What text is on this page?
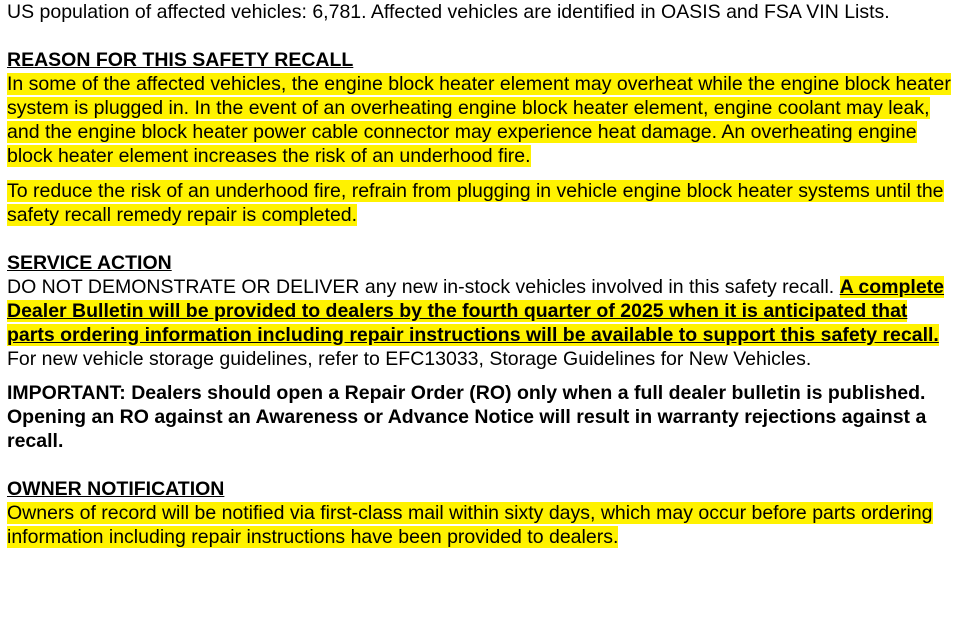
US population of affected vehicles: 6,781. Affected vehicles are identified in OASIS and FSA VIN Lists.

REASON FOR THIS SAFETY RECALL

In some of the affected vehicles, the engine block heater element may overheat while the engine block heater system is plugged in. In the event of an overheating engine block heater element, engine coolant may leak, and the engine block heater power cable connector may experience heat damage. An overheating engine block heater element increases the risk of an underhood fire.

To reduce the risk of an underhood fire, refrain from plugging in vehicle engine block heater systems until the safety recall remedy repair is completed.

SERVICE ACTION

DO NOT DEMONSTRATE OR DELIVER any new in-stock vehicles involved in this safety recall. A complete Dealer Bulletin will be provided to dealers by the fourth quarter of 2025 when it is anticipated that parts ordering information including repair instructions will be available to support this safety recall. For new vehicle storage guidelines, refer to EFC13033, Storage Guidelines for New Vehicles.

IMPORTANT: Dealers should open a Repair Order (RO) only when a full dealer bulletin is published. Opening an RO against an Awareness or Advance Notice will result in warranty rejections against a recall.

OWNER NOTIFICATION

Owners of record will be notified via first-class mail within sixty days, which may occur before parts ordering information including repair instructions have been provided to dealers.
